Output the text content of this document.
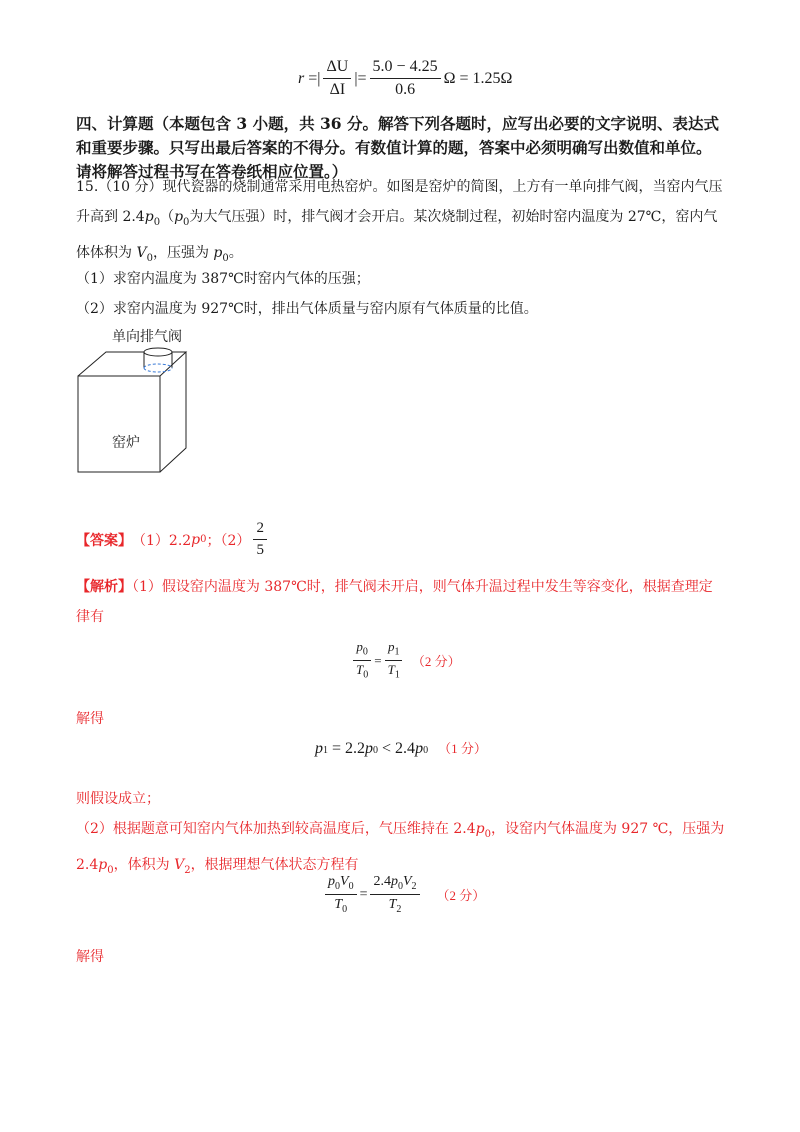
r =| $\frac{\Delta U}{\Delta I}$ |= $\frac{5.0 - 4.25}{0.6}$ Ω = 1.25Ω
四、计算题（本题包含 3 小题，共 36 分。解答下列各题时，应写出必要的文字说明、表达式和重要步骤。只写出最后答案的不得分。有数值计算的题，答案中必须明确写出数值和单位。请将解答过程书写在答卷纸相应位置。）
15.（10 分）现代瓷器的烧制通常采用电热窑炉。如图是窑炉的简图，上方有一单向排气阀，当窑内气压升高到 $2.4p_0(p_0$为大气压强）时，排气阀才会开启。某次烧制过程，初始时窑内温度为 27℃，窑内气体体积为 $V_0$，压强为 $p_0$。
（1）求窑内温度为 387℃时窑内气体的压强；
（2）求窑内温度为 927℃时，排出气体质量与窑内原有气体质量的比值。
单向排气阀
窑炉
【答案】 （1）2.2 p 0 ；$(2) \frac{2}{5}$
【解析】（1）假设窑内温度为 387℃时，排气阀未开启，则气体升温过程中发生等容变化，根据查理定律有
$\frac{p_0}{T_0} = \frac{p_1}{T_1} (2$ 分）
解得
p 1
= 2.2 p 0
< 2.4 p 0 （1 分）
则假设成立；
（2）根据题意可知窑内气体加热到较高温度后，气压维持在 $2.4p_0$，设窑内气体温度为 927 ℃，压强为 $2.4p_0$，体积为 $V_2$，根据理想气体状态方程有
$\frac{p_0V_0}{T_0} = \frac{2.4p_0V_2}{T_2} (2$ 分）
解得
